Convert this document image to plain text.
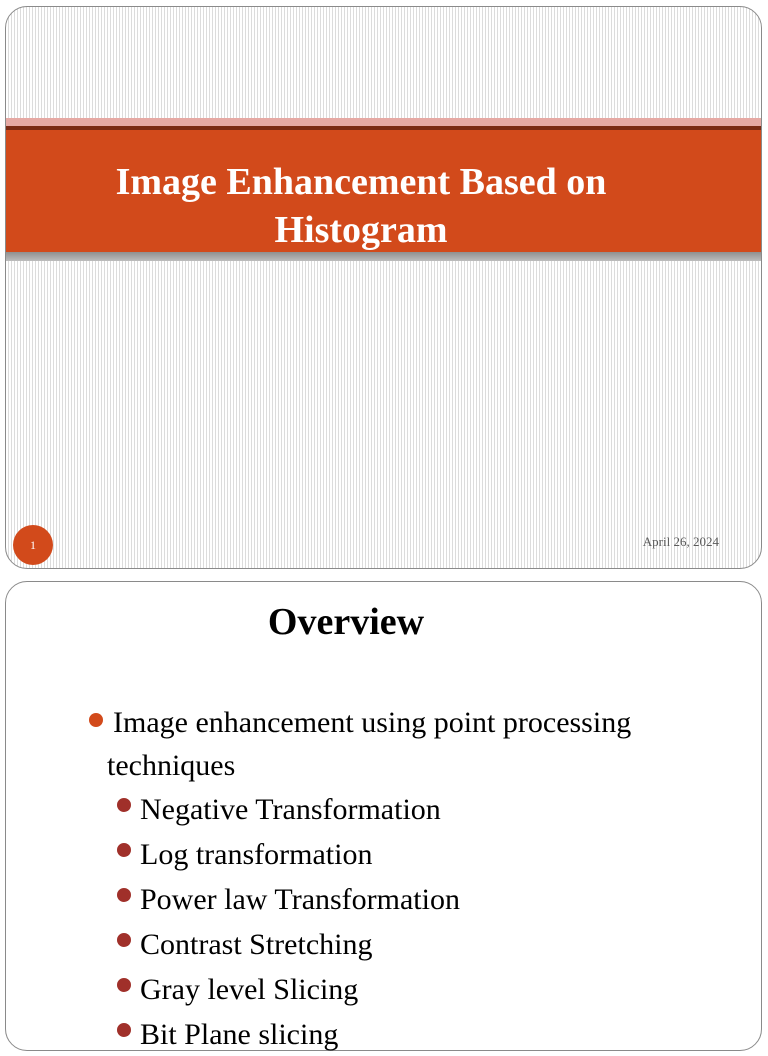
Image Enhancement Based on Histogram
1	April 26, 2024
Overview
Image enhancement using point processing
techniques
Negative Transformation
Log transformation
Power law Transformation
Contrast Stretching
Gray level Slicing
Bit Plane slicing
